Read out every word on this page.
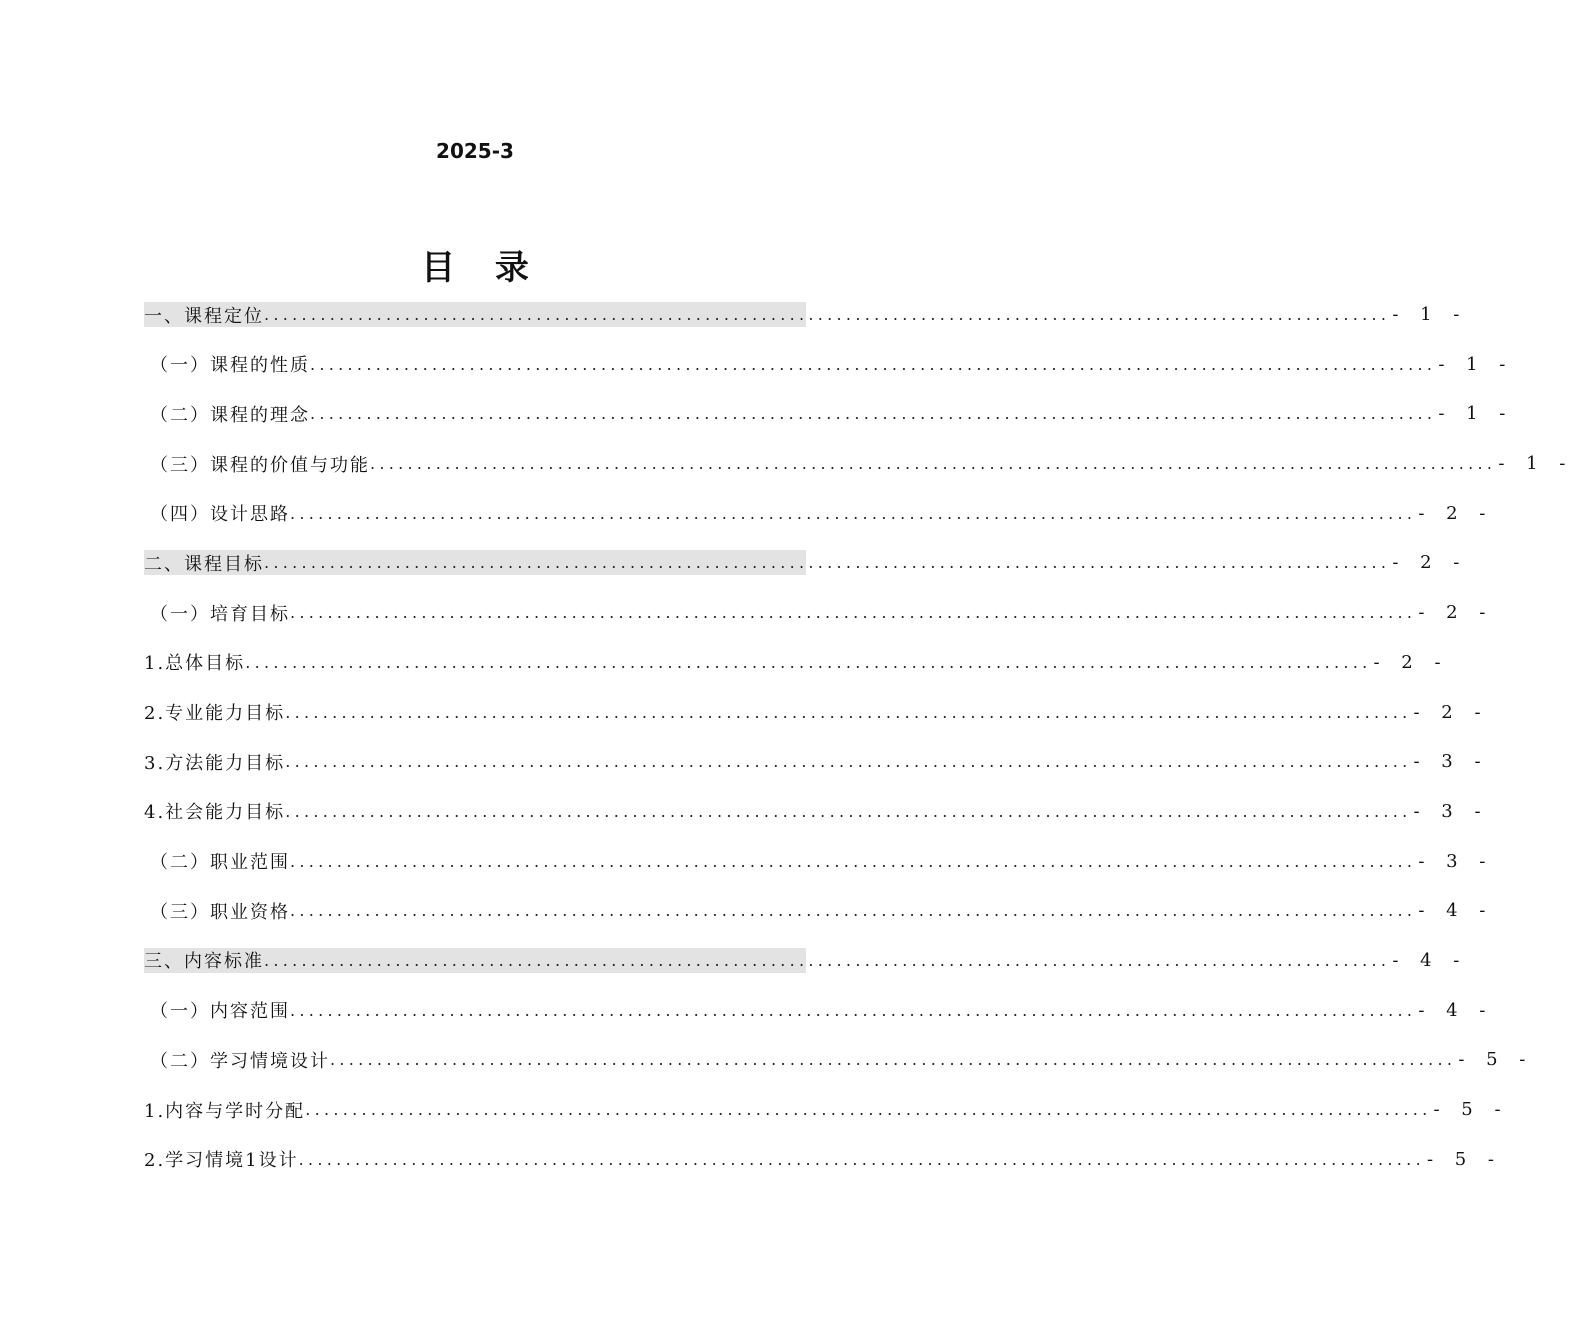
2025-3
目 录
一、课程定位 ........................................................................................................................ - 1 -
（一）课程的性质 ........................................................................................................................ - 1 -
（二）课程的理念 ........................................................................................................................ - 1 -
（三）课程的价值与功能 ........................................................................................................................ - 1 -
（四）设计思路 ........................................................................................................................ - 2 -
二、课程目标 ........................................................................................................................ - 2 -
（一）培育目标 ........................................................................................................................ - 2 -
1.总体目标 ........................................................................................................................ - 2 -
2.专业能力目标 ........................................................................................................................ - 2 -
3.方法能力目标 ........................................................................................................................ - 3 -
4.社会能力目标 ........................................................................................................................ - 3 -
（二）职业范围 ........................................................................................................................ - 3 -
（三）职业资格 ........................................................................................................................ - 4 -
三、内容标准 ........................................................................................................................ - 4 -
（一）内容范围 ........................................................................................................................ - 4 -
（二）学习情境设计 ........................................................................................................................ - 5 -
1.内容与学时分配 ........................................................................................................................ - 5 -
2.学习情境1设计 ........................................................................................................................ - 5 -
